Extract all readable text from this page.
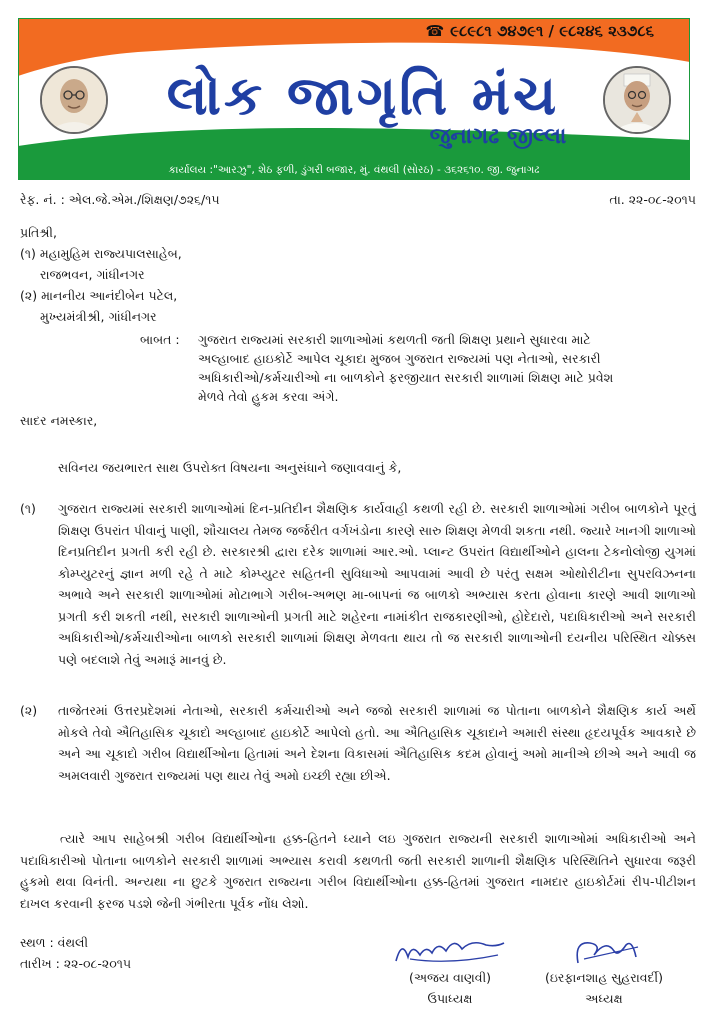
☎ ૯૮૯૮૧ ૭૪૭૯૧ / ૯૮૨૪૬ ૨૩૭૮૬
લોક જાગૃતિ મંચ
જુનાગઢ જીલ્લા
કાર્યાલય :"આરઝુ", શેઠ ફળી, ડુંગરી બજાર, મું. વંથલી (સોરઠ) - ૩૬૨૬૧૦. જી. જુનાગઢ
રેફ. નં. : એલ.જે.એમ./શિક્ષણ/૭૨૬/૧૫	તા. ૨૨-૦૮-૨૦૧૫
પ્રતિશ્રી,
(૧) મહામુહિમ રાજ્યપાલસાહેબ,
રાજભવન, ગાંધીનગર
(૨) માનનીય આનંદીબેન પટેલ,
મુખ્યમંત્રીશ્રી, ગાંધીનગર
બાબત : ગુજરાત રાજ્યમાં સરકારી શાળાઓમાં કથળતી જતી શિક્ષણ પ્રથાને સુધારવા માટે અલ્હાબાદ હાઇકોર્ટે આપેલ ચૂકાદા મુજબ ગુજરાત રાજ્યમાં પણ નેતાઓ, સરકારી અધિકારીઓ/કર્મચારીઓ ના બાળકોને ફરજીયાત સરકારી શાળામાં શિક્ષણ માટે પ્રવેશ મેળવે તેવો હુકમ કરવા અંગે.
સાદર નમસ્કાર,
સવિનય જયભારત સાથ ઉપરોક્ત વિષયના અનુસંધાને જણાવવાનું કે,
(૧) ગુજરાત રાજ્યમાં સરકારી શાળાઓમાં દિન-પ્રતિદીન શૈક્ષણિક કાર્યવાહી કથળી રહી છે. સરકારી શાળાઓમાં ગરીબ બાળકોને પૂરતું શિક્ષણ ઉપરાંત પીવાનું પાણી, શૌચાલય તેમજ જર્જરીત વર્ગખંડોના કારણે સારુ શિક્ષણ મેળવી શકતા નથી. જ્યારે ખાનગી શાળાઓ દિનપ્રતિદીન પ્રગતી કરી રહી છે. સરકારશ્રી દ્વારા દરેક શાળામાં આર.ઓ. પ્લાન્ટ ઉપરાંત વિદ્યાર્થીઓને હાલના ટેકનોલોજી યુગમાં કોમ્પ્યુટરનું જ્ઞાન મળી રહે તે માટે કોમ્પ્યુટર સહિતની સુવિધાઓ આપવામાં આવી છે પરંતુ સક્ષમ ઓથોરીટીના સુપરવિઝનના અભાવે અને સરકારી શાળાઓમાં મોટાભાગે ગરીબ-અભણ મા-બાપનાં જ બાળકો અભ્યાસ કરતા હોવાના કારણે આવી શાળાઓ પ્રગતી કરી શકતી નથી, સરકારી શાળાઓની પ્રગતી માટે શહેરના નામાંકીત રાજકારણીઓ, હોદેદારો, પદાધિકારીઓ અને સરકારી અધિકારીઓ/કર્મચારીઓના બાળકો સરકારી શાળામાં શિક્ષણ મેળવતા થાય તો જ સરકારી શાળાઓની દયનીય પરિસ્થિત ચોક્કસ પણે બદલાશે તેવું અમારૂં માનવું છે.
(૨) તાજેતરમાં ઉત્તરપ્રદેશમાં નેતાઓ, સરકારી કર્મચારીઓ અને જજો સરકારી શાળામાં જ પોતાના બાળકોને શૈક્ષણિક કાર્ય અર્થે મોકલે તેવો ઐતિહાસિક ચૂકાદો અલ્હાબાદ હાઇકોર્ટે આપેલો હતો. આ ઐતિહાસિક ચૂકાદાને અમારી સંસ્થા હૃદયપૂર્વક આવકારે છે અને આ ચૂકાદો ગરીબ વિદ્યાર્થીઓના હિતામાં અને દેશના વિકાસમાં ઐતિહાસિક કદમ હોવાનું અમો માનીએ છીએ અને આવી જ અમલવારી ગુજરાત રાજ્યમાં પણ થાય તેવું અમો ઇચ્છી રહ્યા છીએ.
ત્યારે આપ સાહેબશ્રી ગરીબ વિદ્યાર્થીઓના હક્ક-હિતને ધ્યાને લઇ ગુજરાત રાજ્યની સરકારી શાળાઓમાં અધિકારીઓ અને પદાધિકારીઓ પોતાના બાળકોને સરકારી શાળામાં અભ્યાસ કરાવી કથળતી જતી સરકારી શાળાની શૈક્ષણિક પરિસ્થિતિને સુધારવા જરૂરી હુકમો થવા વિનંતી. અન્યથા ના છુટકે ગુજરાત રાજ્યના ગરીબ વિદ્યાર્થીઓના હક્ક-હિતમાં ગુજરાત નામદાર હાઇકોર્ટમાં રીપ-પીટીશન દાખલ કરવાની ફરજ પડશે જેની ગંભીરતા પૂર્વક નોંધ લેશો.
સ્થળ : વંથલી
તારીખ : ૨૨-૦૮-૨૦૧૫
(અજય વાણવી)
ઉપાધ્યક્ષ
(ઇરફાનશાહ સુહરાવર્દી)
અધ્યક્ષ
